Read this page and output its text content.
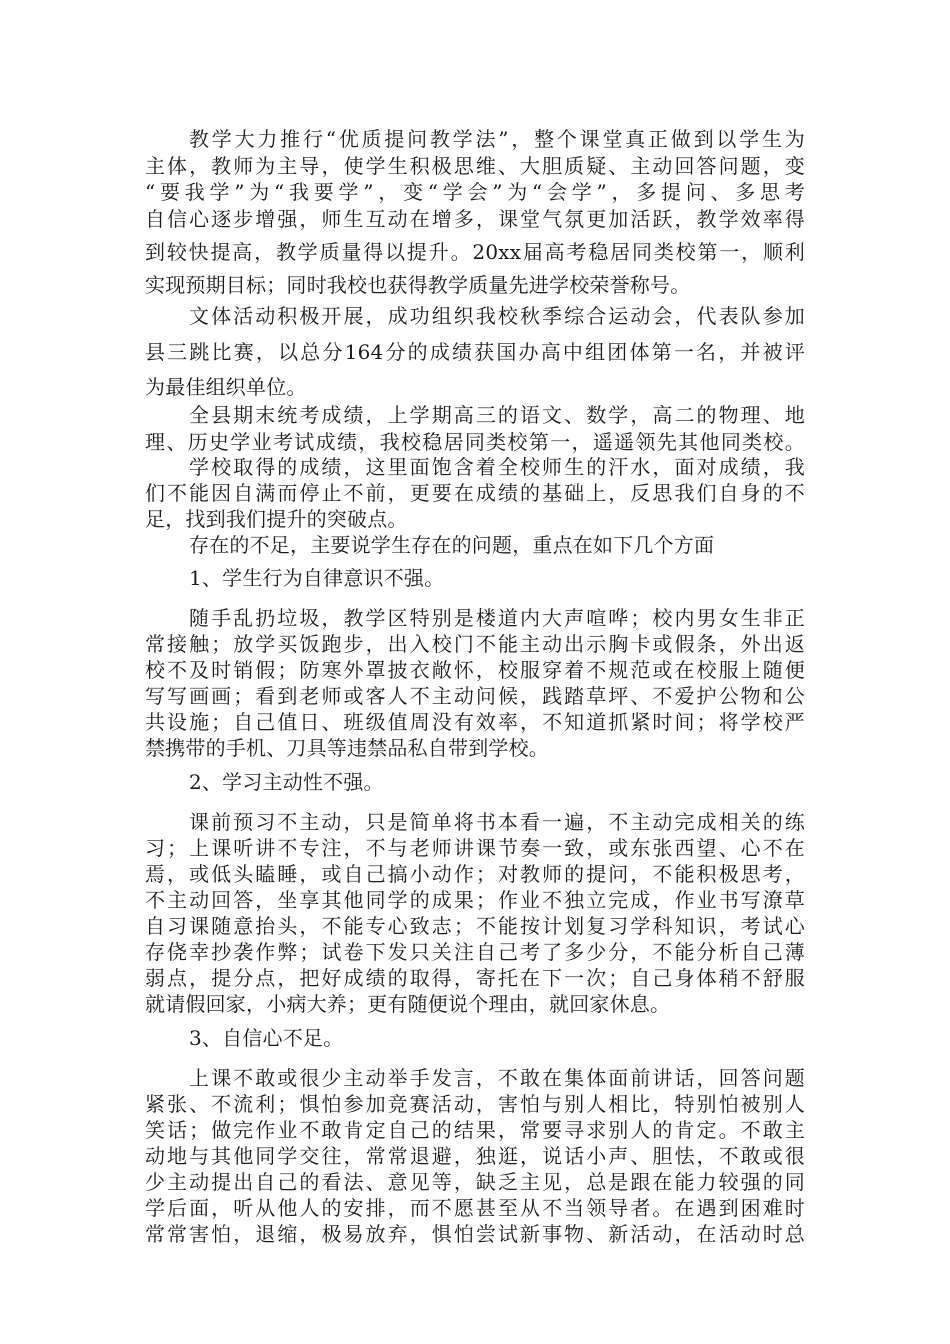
教学大力推行“优质提问教学法”，整个课堂真正做到以学生为
主体，教师为主导，使学生积极思维、大胆质疑、主动回答问题，变
“要我学”为“我要学”，变“学会”为“会学”，多提问、多思考
自信心逐步增强，师生互动在增多，课堂气氛更加活跃，教学效率得
到较快提高，教学质量得以提升。20xx届高考稳居同类校第一，顺利
实现预期目标；同时我校也获得教学质量先进学校荣誉称号。
文体活动积极开展，成功组织我校秋季综合运动会，代表队参加
县三跳比赛，以总分164分的成绩获国办高中组团体第一名，并被评
为最佳组织单位。
全县期末统考成绩，上学期高三的语文、数学，高二的物理、地
理、历史学业考试成绩，我校稳居同类校第一，遥遥领先其他同类校。
学校取得的成绩，这里面饱含着全校师生的汗水，面对成绩，我
们不能因自满而停止不前，更要在成绩的基础上，反思我们自身的不
足，找到我们提升的突破点。
存在的不足，主要说学生存在的问题，重点在如下几个方面
1、学生行为自律意识不强。
随手乱扔垃圾，教学区特别是楼道内大声喧哗；校内男女生非正
常接触；放学买饭跑步，出入校门不能主动出示胸卡或假条，外出返
校不及时销假；防寒外罩披衣敞怀，校服穿着不规范或在校服上随便
写写画画；看到老师或客人不主动问候，践踏草坪、不爱护公物和公
共设施；自己值日、班级值周没有效率，不知道抓紧时间；将学校严
禁携带的手机、刀具等违禁品私自带到学校。
2、学习主动性不强。
课前预习不主动，只是简单将书本看一遍，不主动完成相关的练
习；上课听讲不专注，不与老师讲课节奏一致，或东张西望、心不在
焉，或低头瞌睡，或自己搞小动作；对教师的提问，不能积极思考，
不主动回答，坐享其他同学的成果；作业不独立完成，作业书写潦草
自习课随意抬头，不能专心致志；不能按计划复习学科知识，考试心
存侥幸抄袭作弊；试卷下发只关注自己考了多少分，不能分析自己薄
弱点，提分点，把好成绩的取得，寄托在下一次；自己身体稍不舒服
就请假回家，小病大养；更有随便说个理由，就回家休息。
3、自信心不足。
上课不敢或很少主动举手发言，不敢在集体面前讲话，回答问题
紧张、不流利；惧怕参加竞赛活动，害怕与别人相比，特别怕被别人
笑话；做完作业不敢肯定自己的结果，常要寻求别人的肯定。不敢主
动地与其他同学交往，常常退避，独逛，说话小声、胆怯，不敢或很
少主动提出自己的看法、意见等，缺乏主见，总是跟在能力较强的同
学后面，听从他人的安排，而不愿甚至从不当领导者。在遇到困难时
常常害怕，退缩，极易放弃，惧怕尝试新事物、新活动，在活动时总
